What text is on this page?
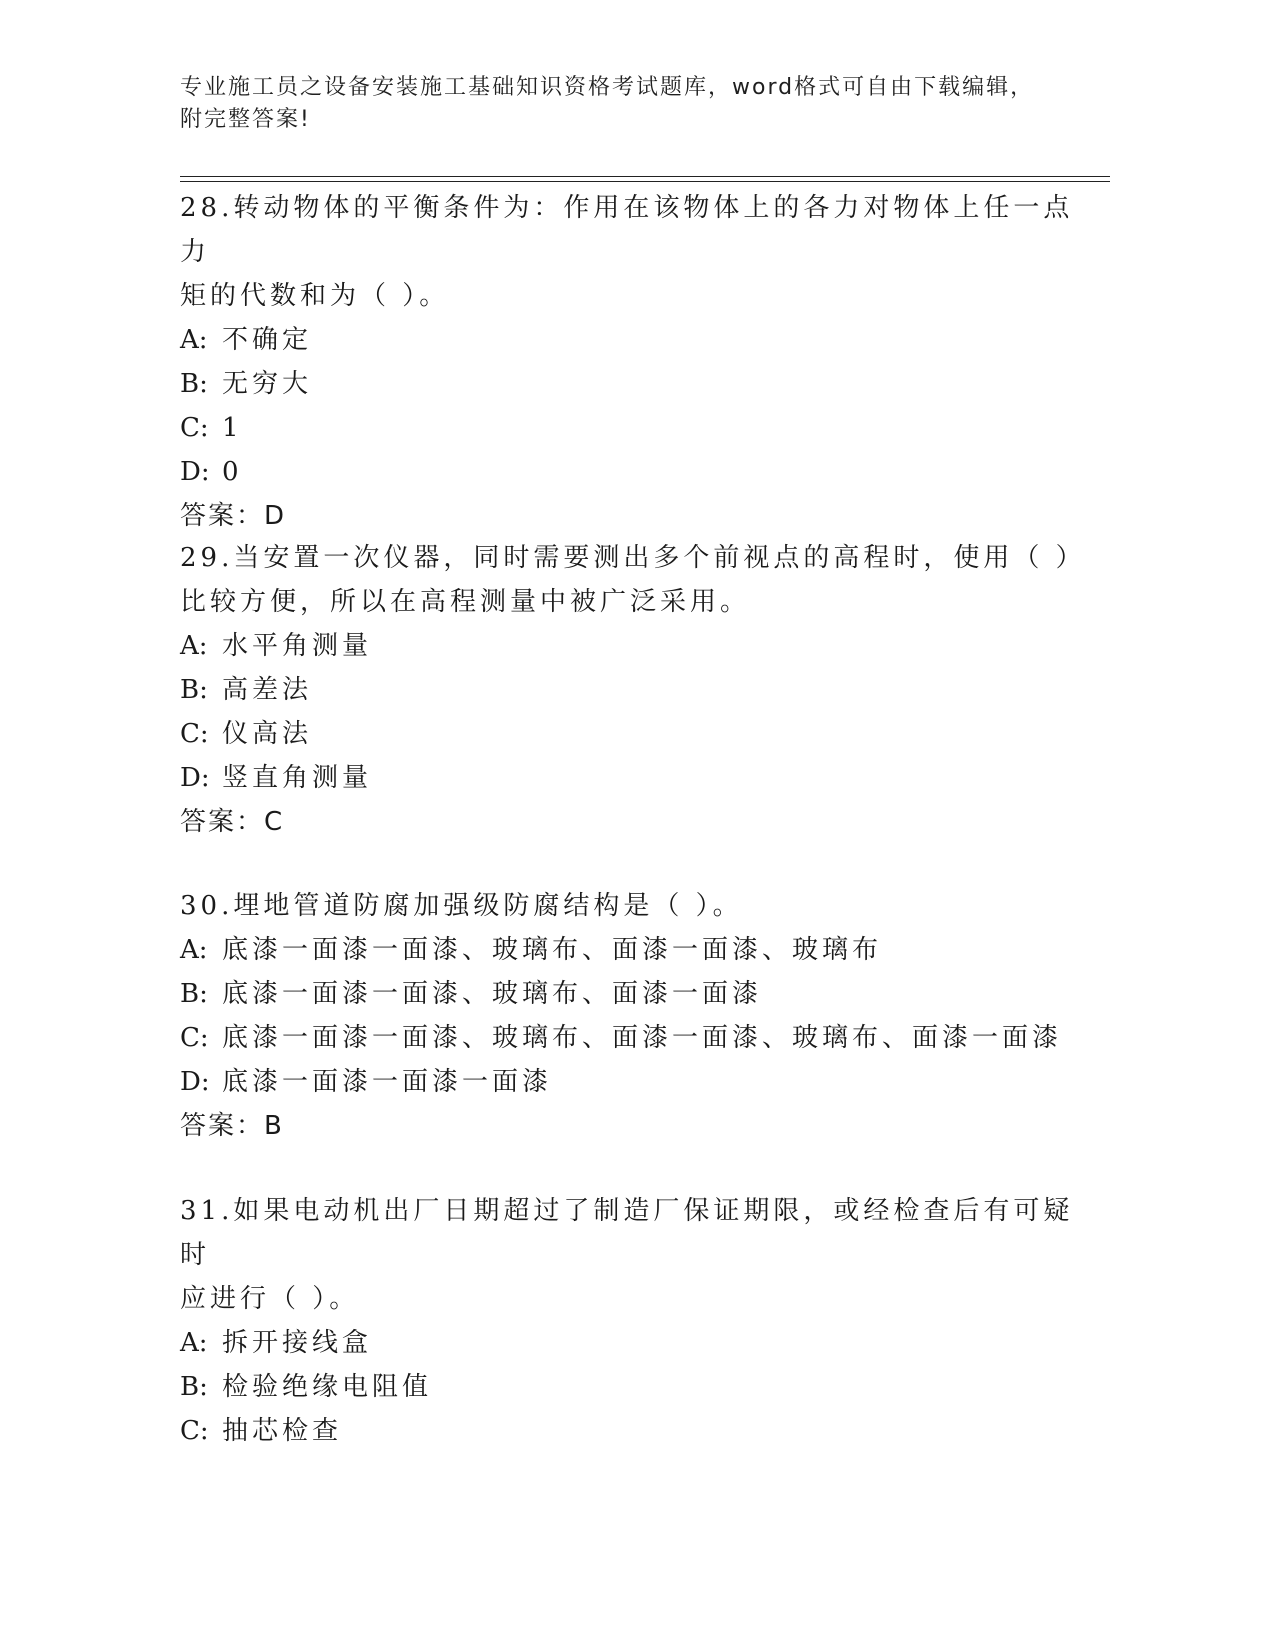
专业施工员之设备安装施工基础知识资格考试题库，word格式可自由下载编辑，
附完整答案!

28.转动物体的平衡条件为：作用在该物体上的各力对物体上任一点力
矩的代数和为（ ）。

A: 不确定

B: 无穷大

C: 1

D: 0

答案：D

29.当安置一次仪器，同时需要测出多个前视点的高程时，使用（ ）
比较方便，所以在高程测量中被广泛采用。

A: 水平角测量

B: 高差法

C: 仪高法

D: 竖直角测量

答案：C

30.埋地管道防腐加强级防腐结构是（ ）。

A: 底漆一面漆一面漆、玻璃布、面漆一面漆、玻璃布

B: 底漆一面漆一面漆、玻璃布、面漆一面漆

C: 底漆一面漆一面漆、玻璃布、面漆一面漆、玻璃布、面漆一面漆

D: 底漆一面漆一面漆一面漆

答案：B

31.如果电动机出厂日期超过了制造厂保证期限，或经检查后有可疑时
应进行（ ）。

A: 拆开接线盒

B: 检验绝缘电阻值

C: 抽芯检查
